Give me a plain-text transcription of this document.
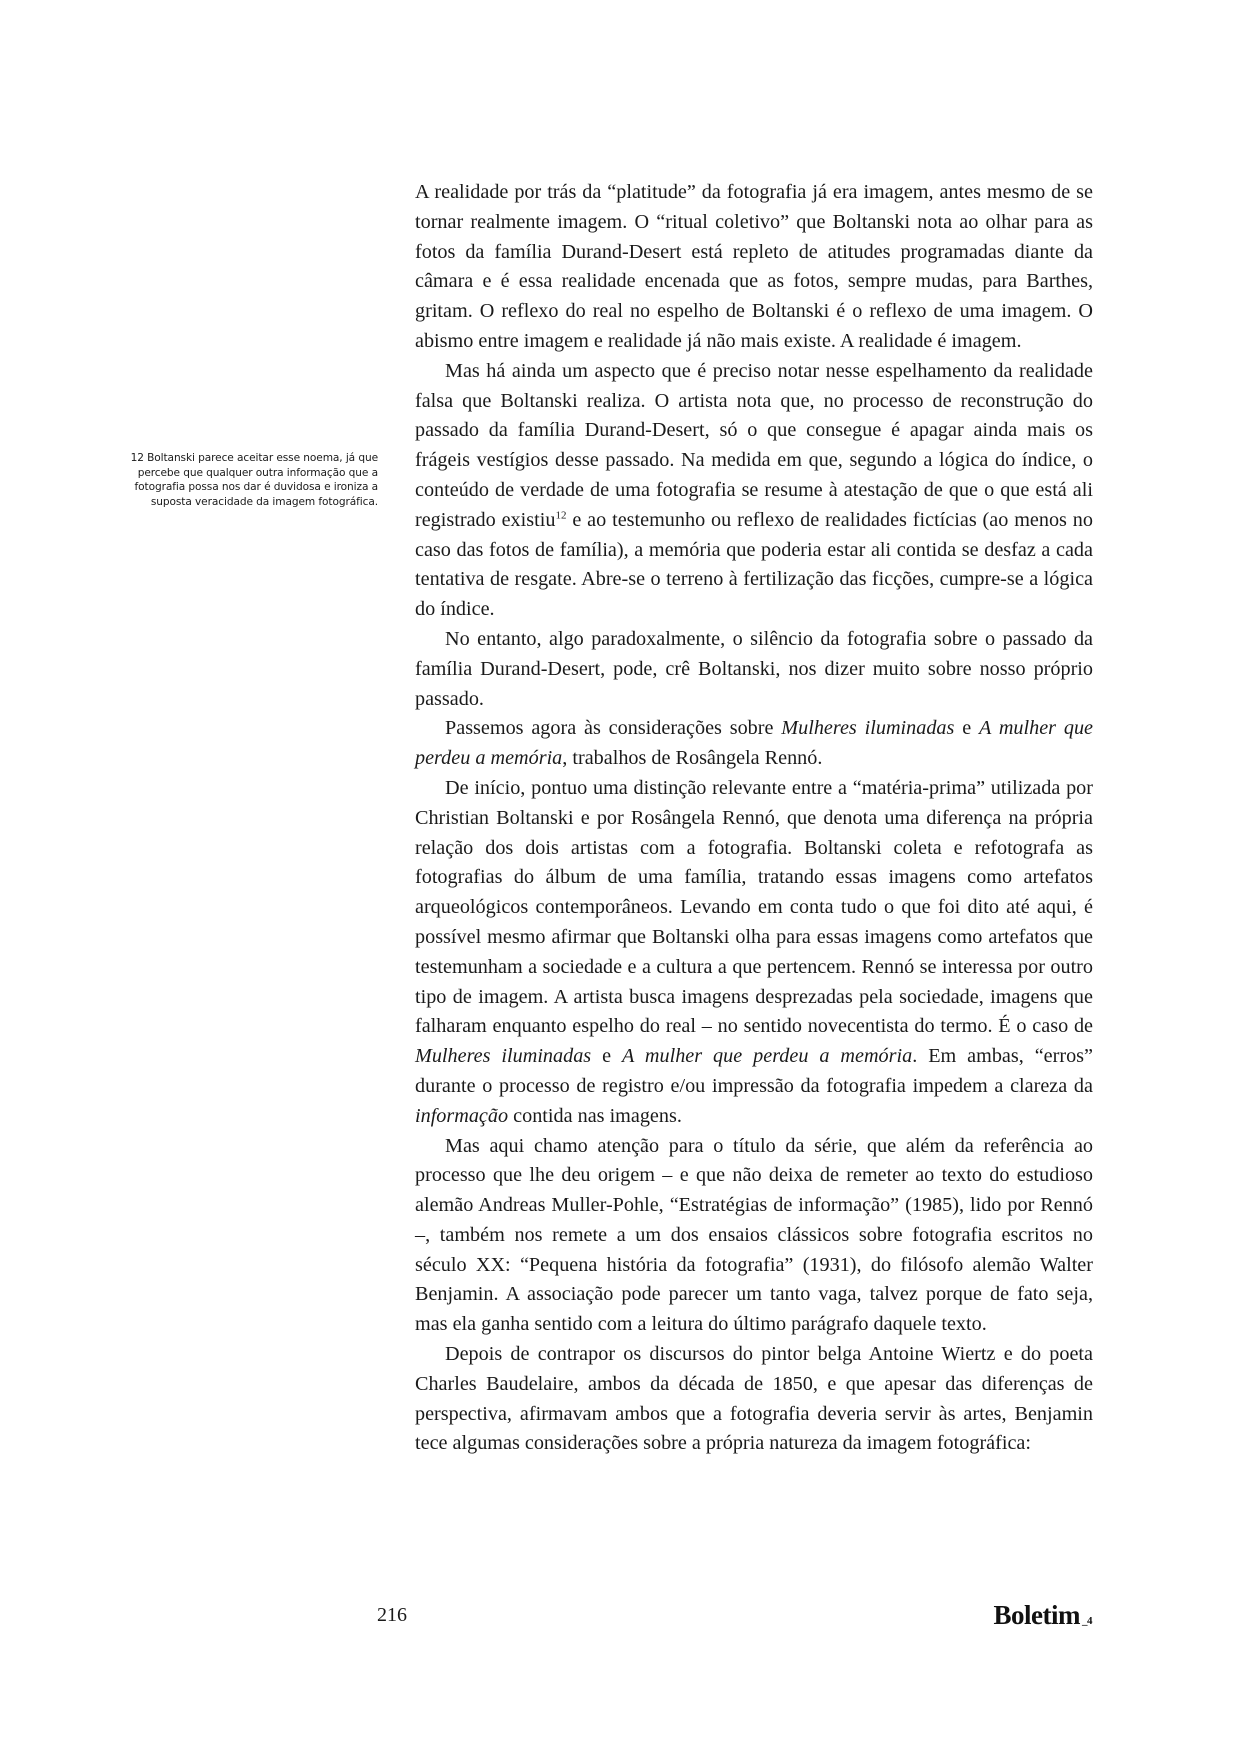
12 Boltanski parece aceitar esse noema, já que percebe que qualquer outra informação que a fotografia possa nos dar é duvidosa e ironiza a suposta veracidade da imagem fotográfica.

A realidade por trás da “platitude” da fotografia já era imagem, antes mesmo de se tornar realmente imagem. O “ritual coletivo” que Boltanski nota ao olhar para as fotos da família Durand-Desert está repleto de atitudes programadas diante da câmara e é essa realidade encenada que as fotos, sempre mudas, para Barthes, gritam. O reflexo do real no espelho de Boltanski é o reflexo de uma imagem. O abismo entre imagem e realidade já não mais existe. A realidade é imagem.

Mas há ainda um aspecto que é preciso notar nesse espelhamento da realidade falsa que Boltanski realiza. O artista nota que, no processo de reconstrução do passado da família Durand-Desert, só o que consegue é apagar ainda mais os frágeis vestígios desse passado. Na medida em que, segundo a lógica do índice, o conteúdo de verdade de uma fotografia se resume à atestação de que o que está ali registrado existiu$^{12}$ e ao testemunho ou reflexo de realidades fictícias (ao menos no caso das fotos de família), a memória que poderia estar ali contida se desfaz a cada tentativa de resgate. Abre-se o terreno à fertilização das ficções, cumpre-se a lógica do índice.

No entanto, algo paradoxalmente, o silêncio da fotografia sobre o passado da família Durand-Desert, pode, crê Boltanski, nos dizer muito sobre nosso próprio passado.

Passemos agora às considerações sobre Mulheres iluminadas e A mulher que perdeu a memória, trabalhos de Rosângela Rennó.

De início, pontuo uma distinção relevante entre a “matéria-prima” utilizada por Christian Boltanski e por Rosângela Rennó, que denota uma diferença na própria relação dos dois artistas com a fotografia. Boltanski coleta e refotografa as fotografias do álbum de uma família, tratando essas imagens como artefatos arqueológicos contemporâneos. Levando em conta tudo o que foi dito até aqui, é possível mesmo afirmar que Boltanski olha para essas imagens como artefatos que testemunham a sociedade e a cultura a que pertencem. Rennó se interessa por outro tipo de imagem. A artista busca imagens desprezadas pela sociedade, imagens que falharam enquanto espelho do real – no sentido novecentista do termo. É o caso de Mulheres iluminadas e A mulher que perdeu a memória. Em ambas, “erros” durante o processo de registro e/ou impressão da fotografia impedem a clareza da informação contida nas imagens.

Mas aqui chamo atenção para o título da série, que além da referência ao processo que lhe deu origem – e que não deixa de remeter ao texto do estudioso alemão Andreas Muller-Pohle, “Estratégias de informação” (1985), lido por Rennó –, também nos remete a um dos ensaios clássicos sobre fotografia escritos no século XX: “Pequena história da fotografia” (1931), do filósofo alemão Walter Benjamin. A associação pode parecer um tanto vaga, talvez porque de fato seja, mas ela ganha sentido com a leitura do último parágrafo daquele texto.

Depois de contrapor os discursos do pintor belga Antoine Wiertz e do poeta Charles Baudelaire, ambos da década de 1850, e que apesar das diferenças de perspectiva, afirmavam ambos que a fotografia deveria servir às artes, Benjamin tece algumas considerações sobre a própria natureza da imagem fotográfica:

216	Boletim _4
